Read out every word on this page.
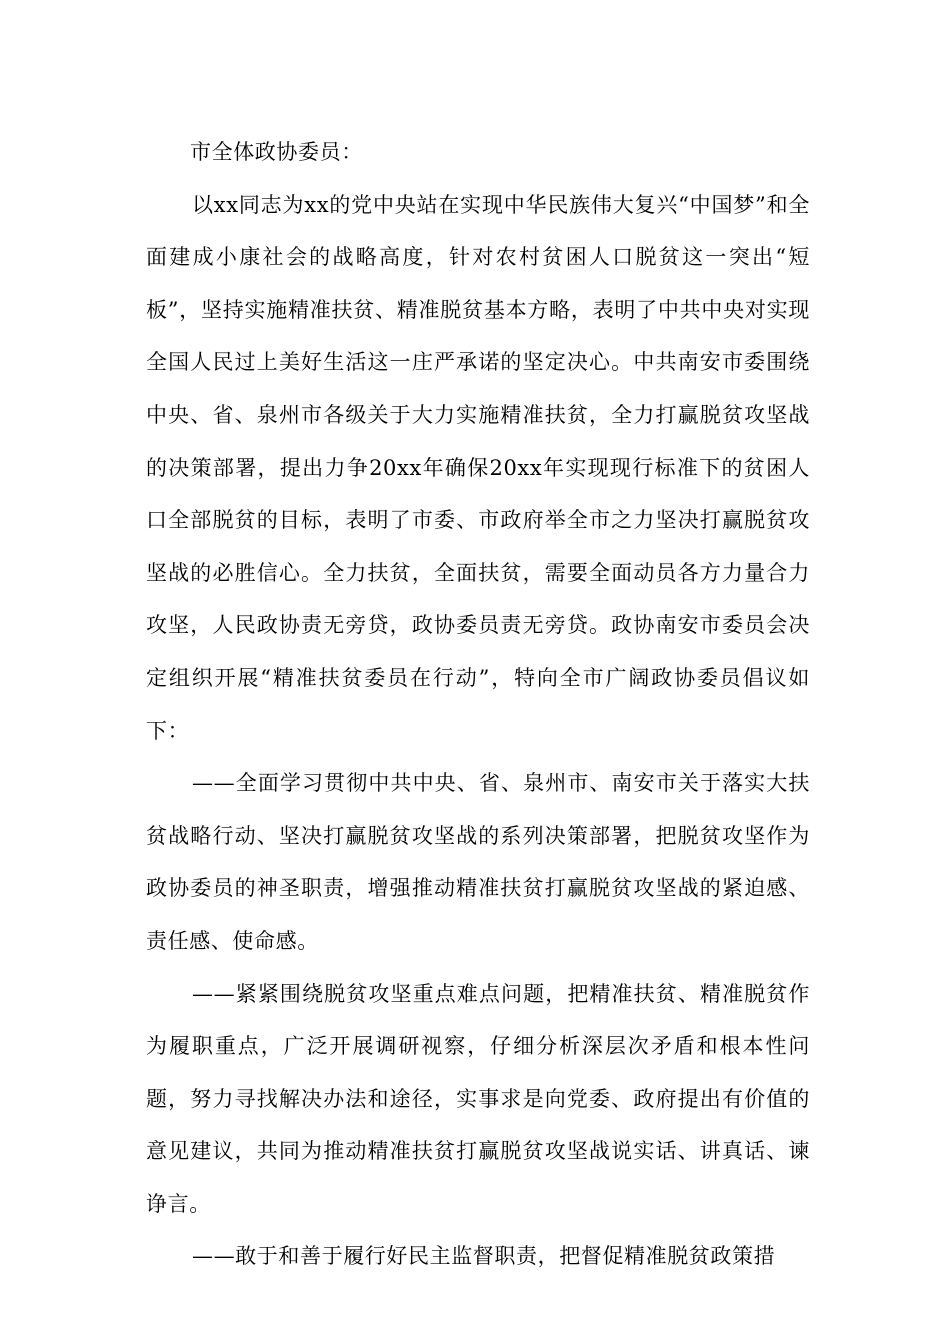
市全体政协委员：

以xx同志为xx的党中央站在实现中华民族伟大复兴“中国梦”和全面建成小康社会的战略高度，针对农村贫困人口脱贫这一突出“短板”，坚持实施精准扶贫、精准脱贫基本方略，表明了中共中央对实现全国人民过上美好生活这一庄严承诺的坚定决心。中共南安市委围绕中央、省、泉州市各级关于大力实施精准扶贫，全力打赢脱贫攻坚战的决策部署，提出力争20xx年确保20xx年实现现行标准下的贫困人口全部脱贫的目标，表明了市委、市政府举全市之力坚决打赢脱贫攻坚战的必胜信心。全力扶贫，全面扶贫，需要全面动员各方力量合力攻坚，人民政协责无旁贷，政协委员责无旁贷。政协南安市委员会决定组织开展“精准扶贫委员在行动”，特向全市广阔政协委员倡议如下：

——全面学习贯彻中共中央、省、泉州市、南安市关于落实大扶贫战略行动、坚决打赢脱贫攻坚战的系列决策部署，把脱贫攻坚作为政协委员的神圣职责，增强推动精准扶贫打赢脱贫攻坚战的紧迫感、责任感、使命感。

——紧紧围绕脱贫攻坚重点难点问题，把精准扶贫、精准脱贫作为履职重点，广泛开展调研视察，仔细分析深层次矛盾和根本性问题，努力寻找解决办法和途径，实事求是向党委、政府提出有价值的意见建议，共同为推动精准扶贫打赢脱贫攻坚战说实话、讲真话、谏诤言。

——敢于和善于履行好民主监督职责，把督促精准脱贫政策措
